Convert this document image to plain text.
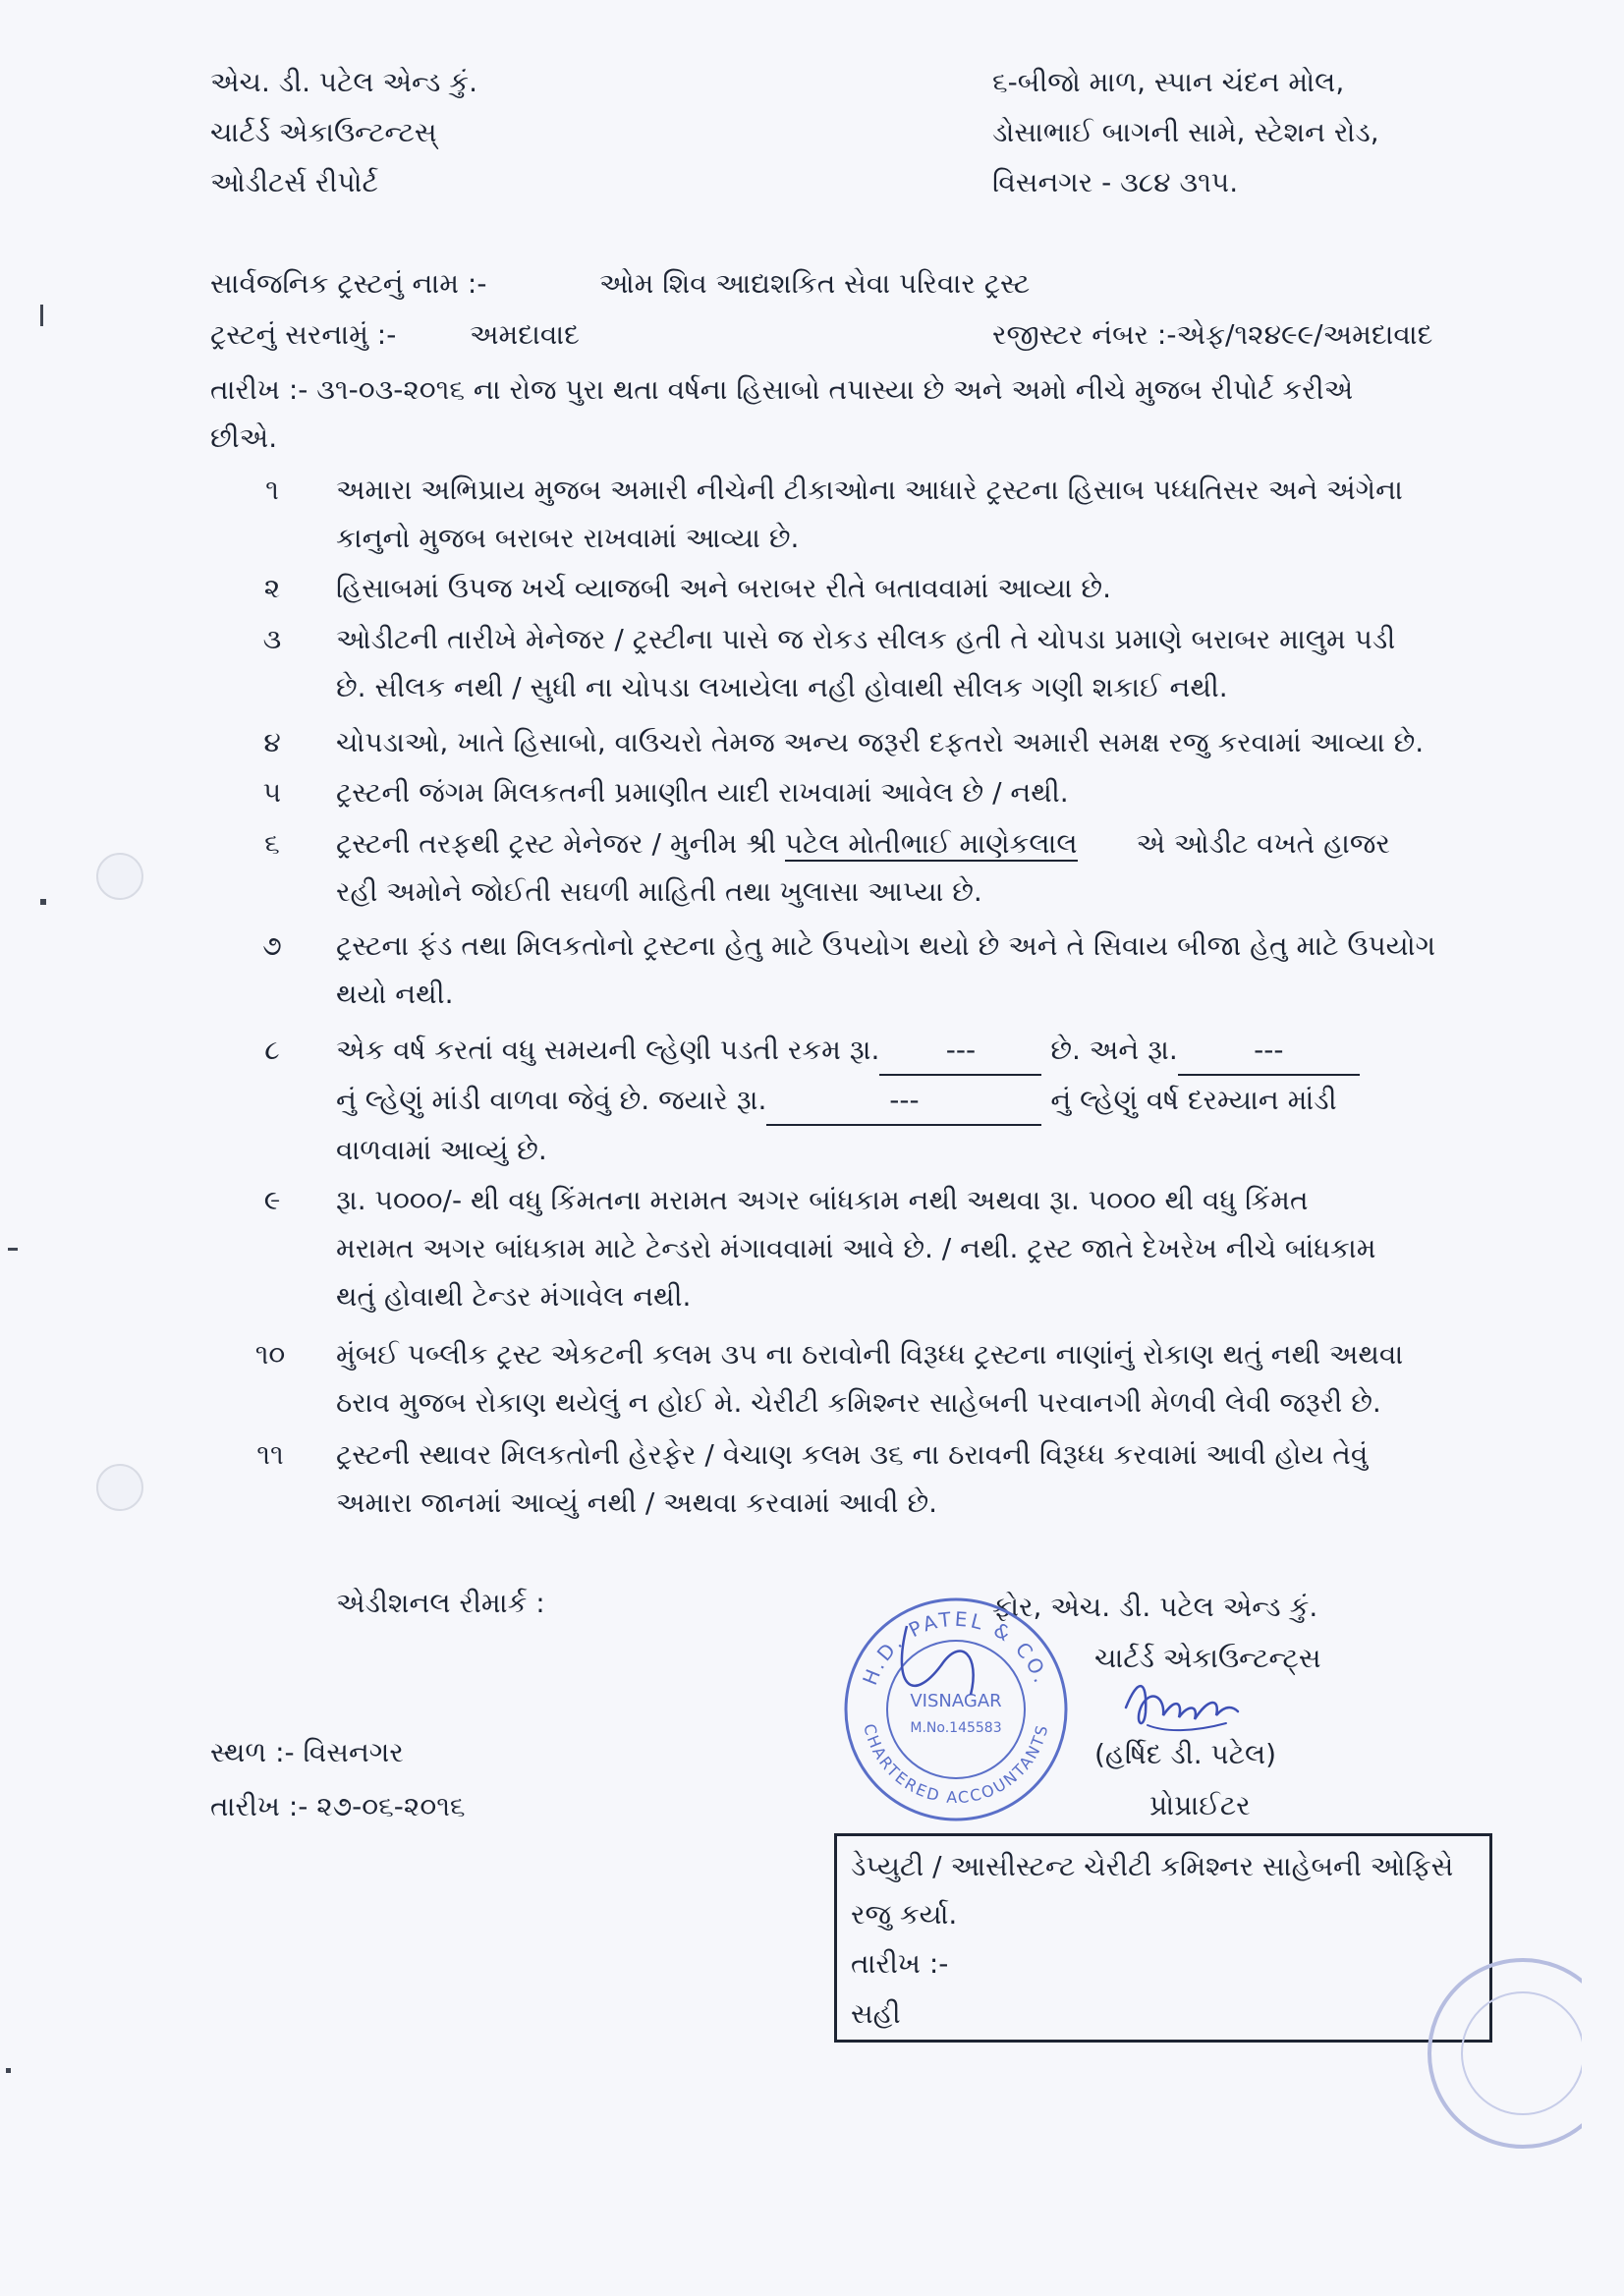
એચ. ડી. પટેલ એન્ડ કું.
ચાર્ટર્ડ એકાઉન્ટન્ટસ્
ઓડીટર્સ રીપોર્ટ
૬-બીજો માળ, સ્પાન ચંદન મોલ,
ડોસાભાઈ બાગની સામે, સ્ટેશન રોડ,
વિસનગર - ૩૮૪ ૩૧૫.
સાર્વજનિક ટ્રસ્ટનું નામ :-	ઓમ શિવ આદ્યશકિત સેવા પરિવાર ટ્રસ્ટ
ટ્રસ્ટનું સરનામું :-	અમદાવાદ	રજીસ્ટર નંબર :-એફ/૧૨૪૯૯/અમદાવાદ
તારીખ :- ૩૧-૦૩-૨૦૧૬ ના રોજ પુરા થતા વર્ષના હિસાબો તપાસ્યા છે અને અમો નીચે મુજબ રીપોર્ટ કરીએ
છીએ.
૧	અમારા અભિપ્રાય મુજબ અમારી નીચેની ટીકાઓના આધારે ટ્રસ્ટના હિસાબ પધ્ધતિસર અને અંગેના
કાનુનો મુજબ બરાબર રાખવામાં આવ્યા છે.
૨	હિસાબમાં ઉપજ ખર્ચ વ્યાજબી અને બરાબર રીતે બતાવવામાં આવ્યા છે.
૩	ઓડીટની તારીખે મેનેજર / ટ્રસ્ટીના પાસે જ રોકડ સીલક હતી તે ચોપડા પ્રમાણે બરાબર માલુમ પડી
છે. સીલક નથી / સુધી ના ચોપડા લખાયેલા નહી હોવાથી સીલક ગણી શકાઈ નથી.
૪	ચોપડાઓ, ખાતે હિસાબો, વાઉચરો તેમજ અન્ય જરૂરી દફતરો અમારી સમક્ષ રજુ કરવામાં આવ્યા છે.
૫	ટ્રસ્ટની જંગમ મિલકતની પ્રમાણીત યાદી રાખવામાં આવેલ છે / નથી.
૬	ટ્રસ્ટની તરફથી ટ્રસ્ટ મેનેજર / મુનીમ શ્રી પટેલ મોતીભાઈ માણેકલાલ એ ઓડીટ વખતે હાજર
રહી અમોને જોઈતી સઘળી માહિતી તથા ખુલાસા આપ્યા છે.
૭	ટ્રસ્ટના ફંડ તથા મિલકતોનો ટ્રસ્ટના હેતુ માટે ઉપયોગ થયો છે અને તે સિવાય બીજા હેતુ માટે ઉપયોગ
થયો નથી.
૮	એક વર્ષ કરતાં વધુ સમયની લ્હેણી પડતી રકમ રૂા. ---	છે. અને રૂા.	---
નું લ્હેણું માંડી વાળવા જેવું છે. જયારે રૂા.	---	નું લ્હેણું વર્ષ દરમ્યાન માંડી
વાળવામાં આવ્યું છે.
૯	રૂા. ૫૦૦૦/- થી વધુ કિંમતના મરામત અગર બાંધકામ નથી અથવા રૂા. ૫૦૦૦ થી વધુ કિંમત
મરામત અગર બાંધકામ માટે ટેન્ડરો મંગાવવામાં આવે છે. / નથી. ટ્રસ્ટ જાતે દેખરેખ નીચે બાંધકામ
થતું હોવાથી ટેન્ડર મંગાવેલ નથી.
૧૦	મુંબઈ પબ્લીક ટ્રસ્ટ એકટની કલમ ૩૫ ના ઠરાવોની વિરૂધ્ધ ટ્રસ્ટના નાણાંનું રોકાણ થતું નથી અથવા
ઠરાવ મુજબ રોકાણ થયેલું ન હોઈ મે. ચેરીટી કમિશ્નર સાહેબની પરવાનગી મેળવી લેવી જરૂરી છે.
૧૧	ટ્રસ્ટની સ્થાવર મિલકતોની હેરફેર / વેચાણ કલમ ૩૬ ના ઠરાવની વિરૂધ્ધ કરવામાં આવી હોય તેવું
અમારા જાનમાં આવ્યું નથી / અથવા કરવામાં આવી છે.
એડીશનલ રીમાર્ક :	ફોર, એચ. ડી. પટેલ એન્ડ કું.
ચાર્ટર્ડ એકાઉન્ટન્ટ્સ
(હર્ષિદ ડી. પટેલ)
પ્રોપ્રાઈટર
H.D. PATEL & CO.
CHARTERED ACCOUNTANTS
VISNAGAR
M.No.145583
સ્થળ :- વિસનગર
તારીખ :- ૨૭-૦૬-૨૦૧૬
ડેપ્યુટી / આસીસ્ટન્ટ ચેરીટી કમિશ્નર સાહેબની ઓફિસે
રજુ કર્યા.
તારીખ :-
સહી
